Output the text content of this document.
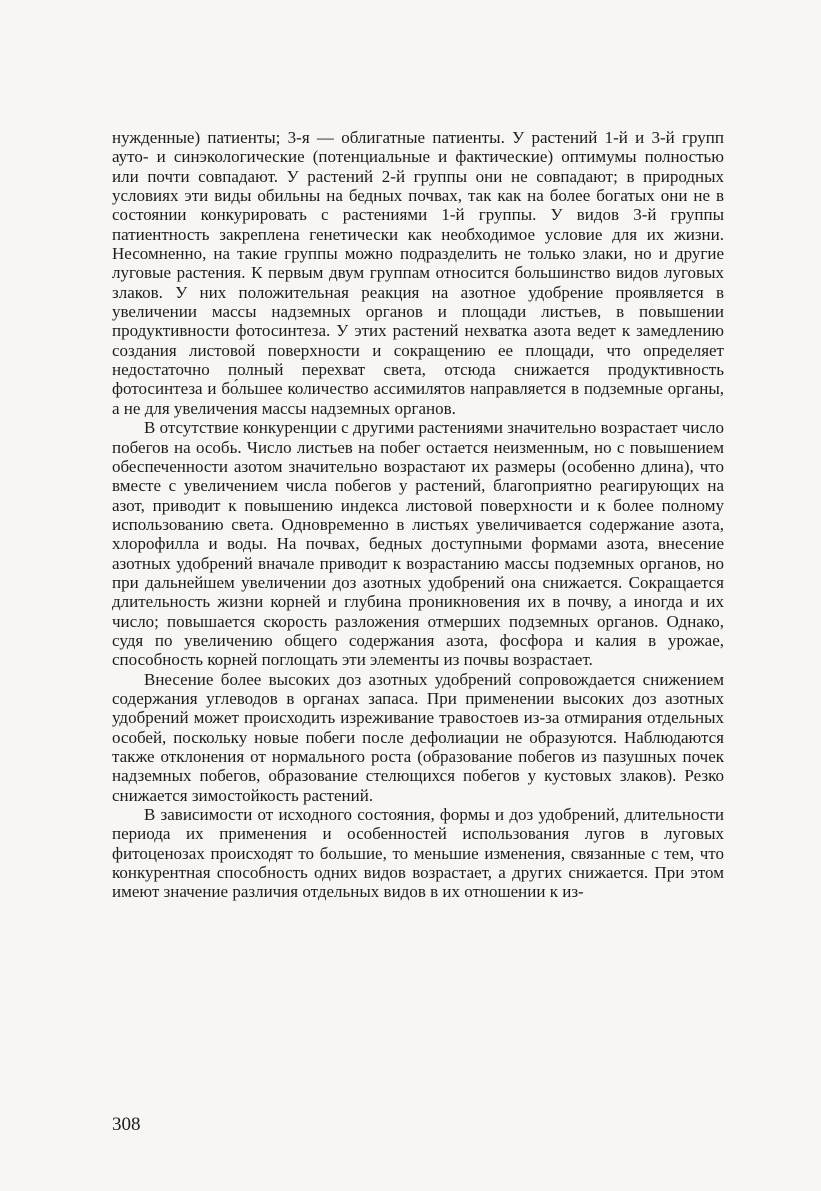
нужденные) патиенты; 3-я — облигатные патиенты. У растений 1-й и 3-й групп ауто- и синэкологические (потенциальные и фактические) оптимумы полностью или почти совпадают. У растений 2-й группы они не совпадают; в природных условиях эти виды обильны на бедных почвах, так как на более богатых они не в состоянии конкурировать с растениями 1-й группы. У видов 3-й группы патиентность закреплена генетически как необходимое условие для их жизни. Несомненно, на такие группы можно подразделить не только злаки, но и другие луговые растения. К первым двум группам относится большинство видов луговых злаков. У них положительная реакция на азотное удобрение проявляется в увеличении массы надземных органов и площади листьев, в повышении продуктивности фотосинтеза. У этих растений нехватка азота ведет к замедлению создания листовой поверхности и сокращению ее площади, что определяет недостаточно полный перехват света, отсюда снижается продуктивность фотосинтеза и бо́льшее количество ассимилятов направляется в подземные органы, а не для увеличения массы надземных органов.

В отсутствие конкуренции с другими растениями значительно возрастает число побегов на особь. Число листьев на побег остается неизменным, но с повышением обеспеченности азотом значительно возрастают их размеры (особенно длина), что вместе с увеличением числа побегов у растений, благоприятно реагирующих на азот, приводит к повышению индекса листовой поверхности и к более полному использованию света. Одновременно в листьях увеличивается содержание азота, хлорофилла и воды. На почвах, бедных доступными формами азота, внесение азотных удобрений вначале приводит к возрастанию массы подземных органов, но при дальнейшем увеличении доз азотных удобрений она снижается. Сокращается длительность жизни корней и глубина проникновения их в почву, а иногда и их число; повышается скорость разложения отмерших подземных органов. Однако, судя по увеличению общего содержания азота, фосфора и калия в урожае, способность корней поглощать эти элементы из почвы возрастает.

Внесение более высоких доз азотных удобрений сопровождается снижением содержания углеводов в органах запаса. При применении высоких доз азотных удобрений может происходить изреживание травостоев из-за отмирания отдельных особей, поскольку новые побеги после дефолиации не образуются. Наблюдаются также отклонения от нормального роста (образование побегов из пазушных почек надземных побегов, образование стелющихся побегов у кустовых злаков). Резко снижается зимостойкость растений.

В зависимости от исходного состояния, формы и доз удобрений, длительности периода их применения и особенностей использования лугов в луговых фитоценозах происходят то большие, то меньшие изменения, связанные с тем, что конкурентная способность одних видов возрастает, а других снижается. При этом имеют значение различия отдельных видов в их отношении к из-

308
